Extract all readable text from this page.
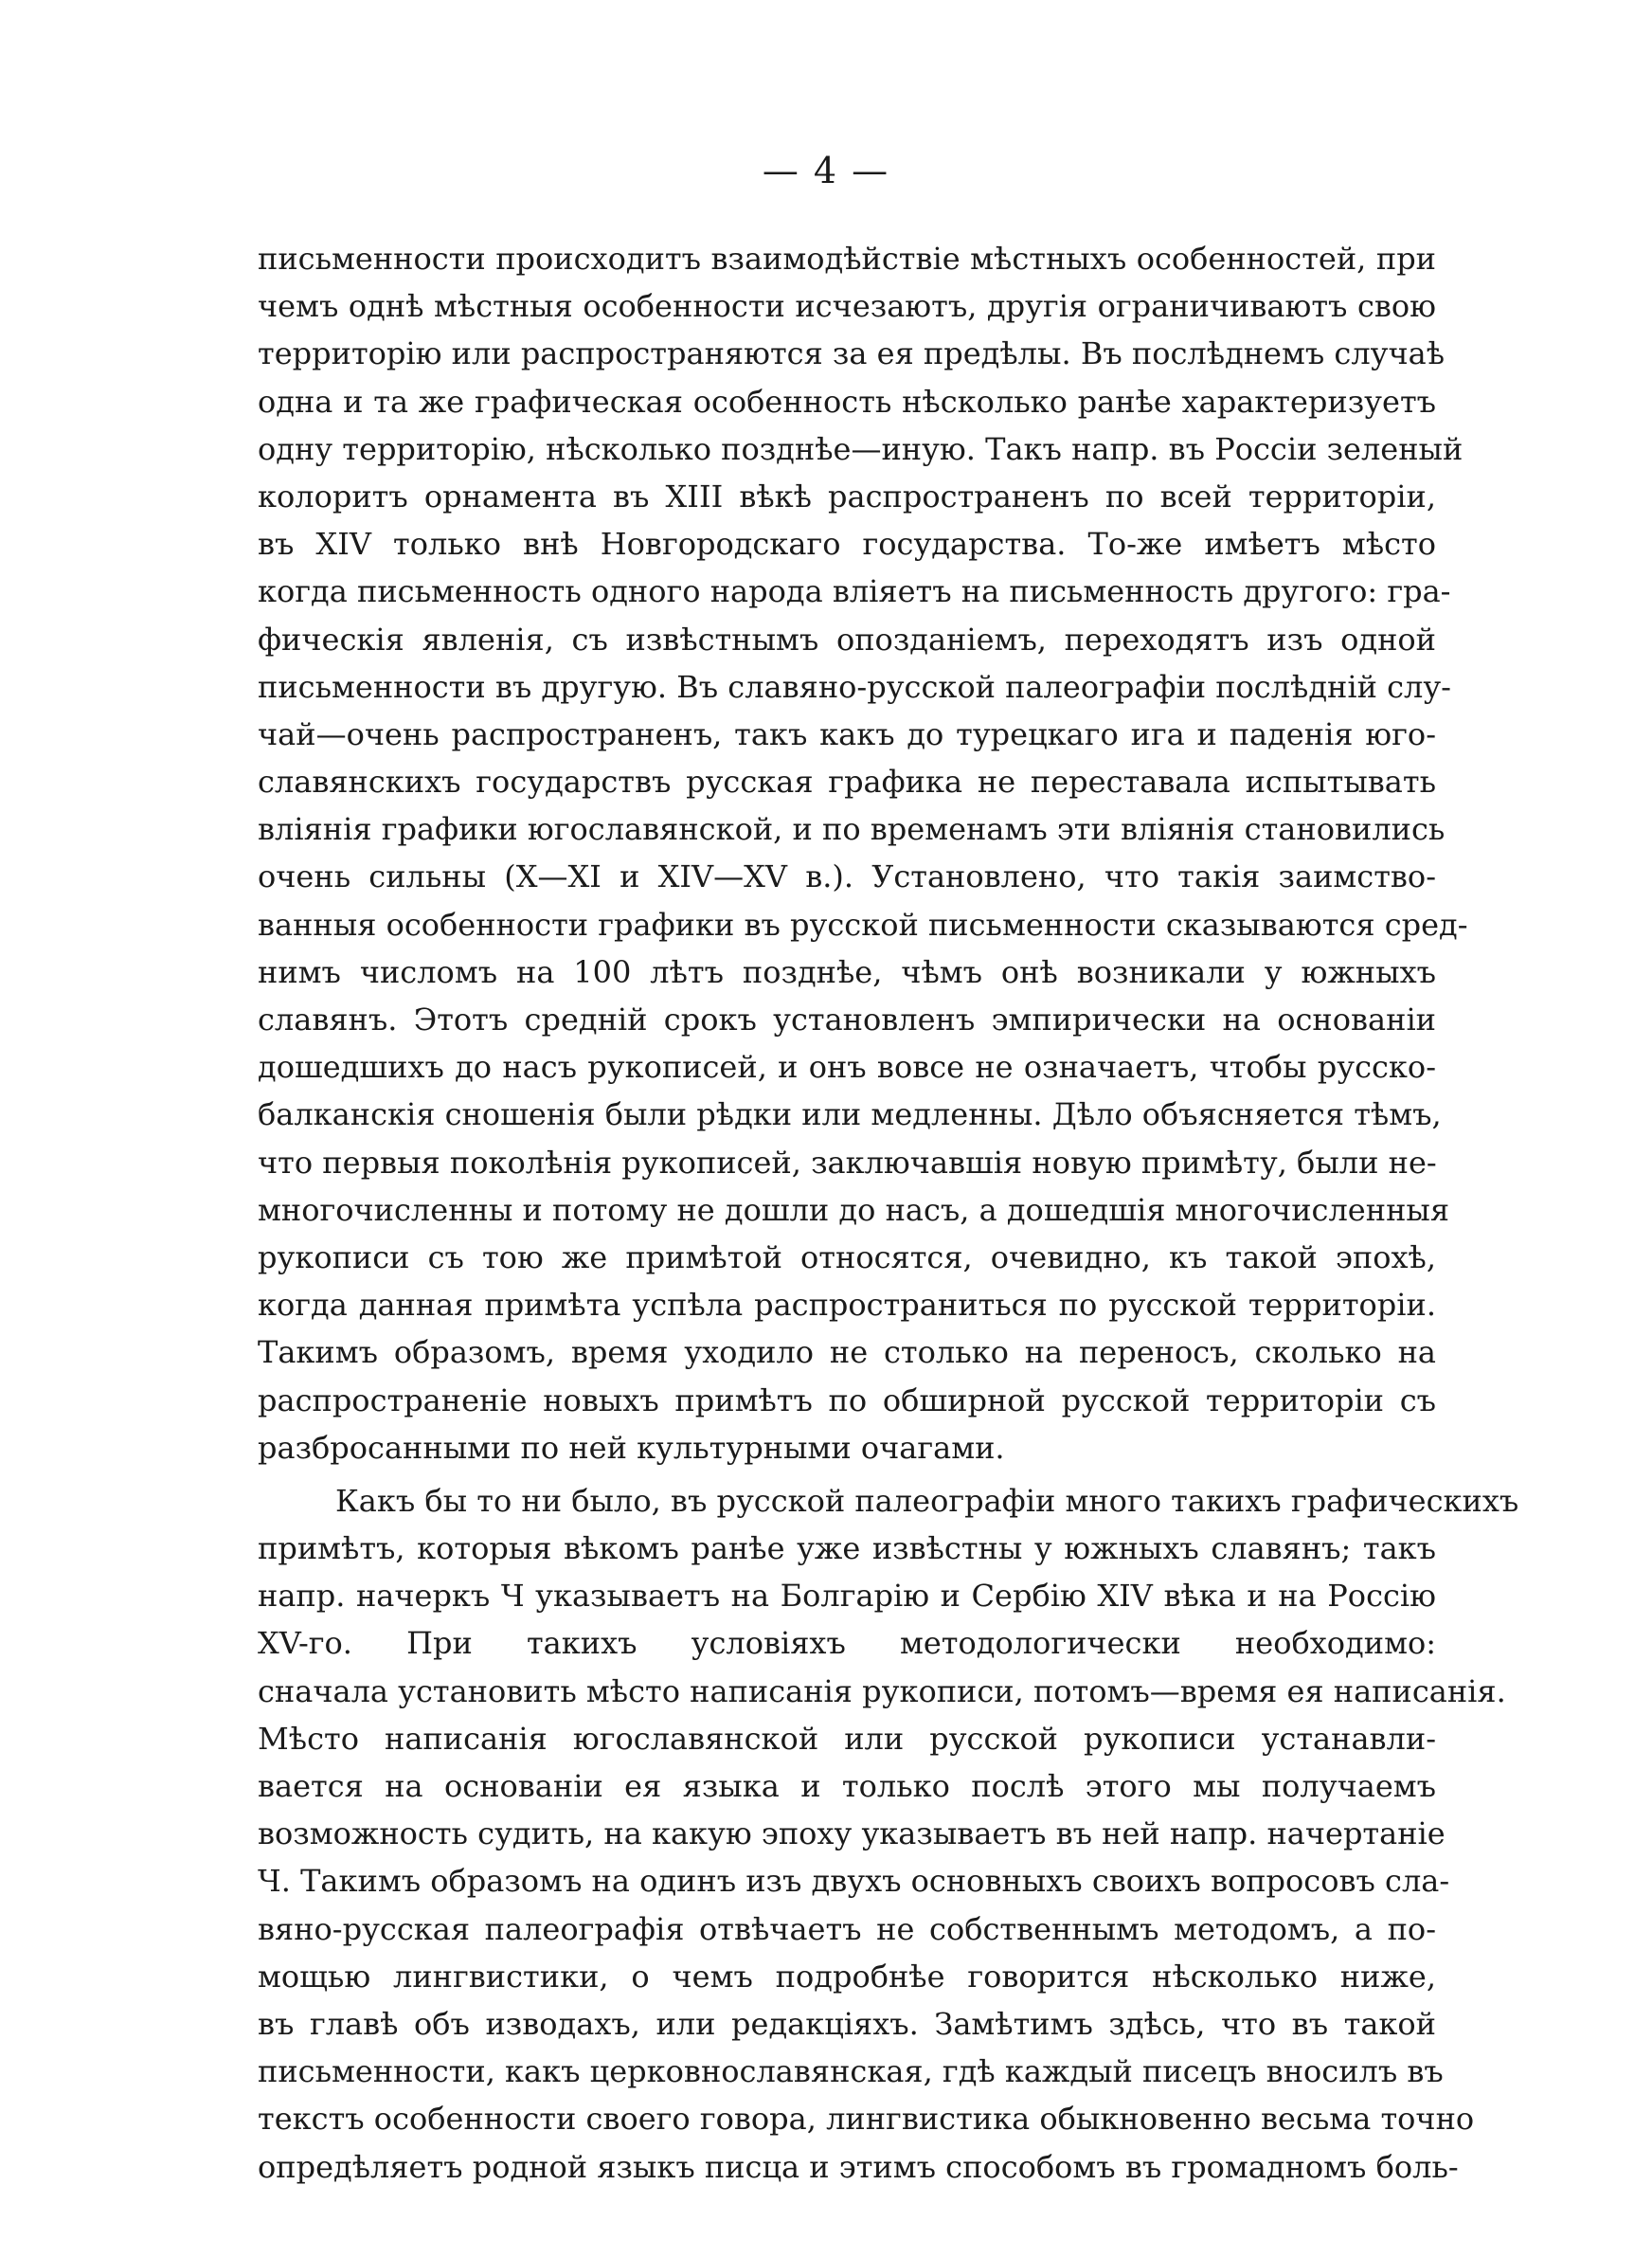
— 4 —
письменности происходитъ взаимодѣйствіе мѣстныхъ особенностей, при
чемъ однѣ мѣстныя особенности исчезаютъ, другія ограничиваютъ свою
территорію или распространяются за ея предѣлы. Въ послѣднемъ случаѣ
одна и та же графическая особенность нѣсколько ранѣе характеризуетъ
одну территорію, нѣсколько позднѣе—иную. Такъ напр. въ Россіи зеленый
колоритъ орнамента въ XIII вѣкѣ распространенъ по всей территоріи,
въ XIV только внѣ Новгородскаго государства. То-же имѣетъ мѣсто
когда письменность одного народа вліяетъ на письменность другого: гра-
фическія явленія, съ извѣстнымъ опозданіемъ, переходятъ изъ одной
письменности въ другую. Въ славяно-русской палеографіи послѣдній слу-
чай—очень распространенъ, такъ какъ до турецкаго ига и паденія юго-
славянскихъ государствъ русская графика не переставала испытывать
вліянія графики югославянской, и по временамъ эти вліянія становились
очень сильны (X—XI и XIV—XV в.). Установлено, что такія заимство-
ванныя особенности графики въ русской письменности сказываются сред-
нимъ числомъ на 100 лѣтъ позднѣе, чѣмъ онѣ возникали у южныхъ
славянъ. Этотъ средній срокъ установленъ эмпирически на основаніи
дошедшихъ до насъ рукописей, и онъ вовсе не означаетъ, чтобы русско-
балканскія сношенія были рѣдки или медленны. Дѣло объясняется тѣмъ,
что первыя поколѣнія рукописей, заключавшія новую примѣту, были не-
многочисленны и потому не дошли до насъ, а дошедшія многочисленныя
рукописи съ тою же примѣтой относятся, очевидно, къ такой эпохѣ,
когда данная примѣта успѣла распространиться по русской территоріи.
Такимъ образомъ, время уходило не столько на переносъ, сколько на
распространеніе новыхъ примѣтъ по обширной русской территоріи съ
разбросанными по ней культурными очагами.
Какъ бы то ни было, въ русской палеографіи много такихъ графическихъ
примѣтъ, которыя вѣкомъ ранѣе уже извѣстны у южныхъ славянъ; такъ
напр. начеркъ Ч указываетъ на Болгарію и Сербію XIV вѣка и на Россію
XV-го. При такихъ условіяхъ методологически необходимо:
сначала установить мѣсто написанія рукописи, потомъ—время ея написанія.
Мѣсто написанія югославянской или русской рукописи устанавли-
вается на основаніи ея языка и только послѣ этого мы получаемъ
возможность судить, на какую эпоху указываетъ въ ней напр. начертаніе
Ч. Такимъ образомъ на одинъ изъ двухъ основныхъ своихъ вопросовъ сла-
вяно-русская палеографія отвѣчаетъ не собственнымъ методомъ, а по-
мощью лингвистики, о чемъ подробнѣе говорится нѣсколько ниже,
въ главѣ объ изводахъ, или редакціяхъ. Замѣтимъ здѣсь, что въ такой
письменности, какъ церковнославянская, гдѣ каждый писецъ вносилъ въ
текстъ особенности своего говора, лингвистика обыкновенно весьма точно
опредѣляетъ родной языкъ писца и этимъ способомъ въ громадномъ боль-
